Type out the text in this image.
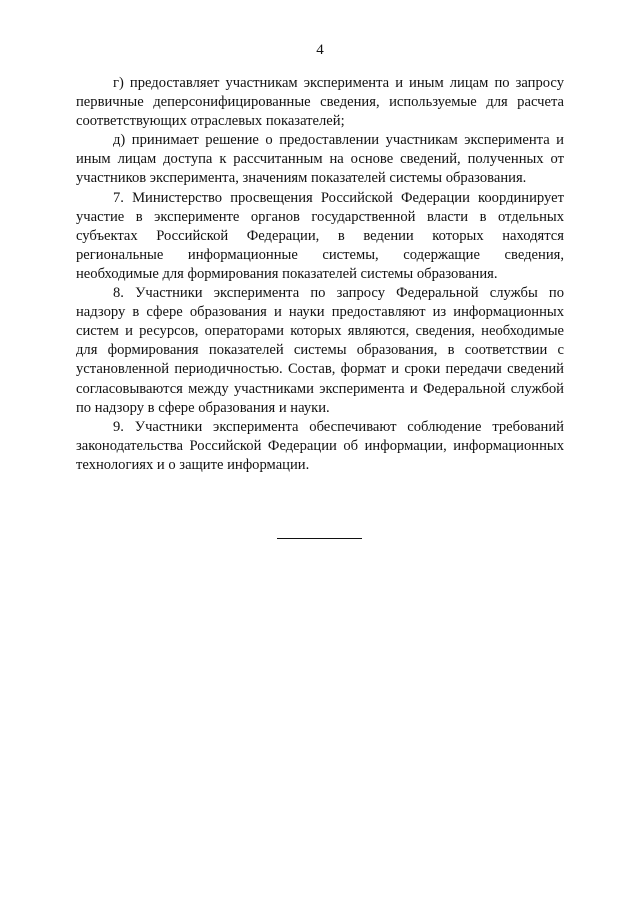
4

г) предоставляет участникам эксперимента и иным лицам по запросу первичные деперсонифицированные сведения, используемые для расчета соответствующих отраслевых показателей;

д) принимает решение о предоставлении участникам эксперимента и иным лицам доступа к рассчитанным на основе сведений, полученных от участников эксперимента, значениям показателей системы образования.

7. Министерство просвещения Российской Федерации координирует участие в эксперименте органов государственной власти в отдельных субъектах Российской Федерации, в ведении которых находятся региональные информационные системы, содержащие сведения, необходимые для формирования показателей системы образования.

8. Участники эксперимента по запросу Федеральной службы по надзору в сфере образования и науки предоставляют из информационных систем и ресурсов, операторами которых являются, сведения, необходимые для формирования показателей системы образования, в соответствии с установленной периодичностью. Состав, формат и сроки передачи сведений согласовываются между участниками эксперимента и Федеральной службой по надзору в сфере образования и науки.

9. Участники эксперимента обеспечивают соблюдение требований законодательства Российской Федерации об информации, информационных технологиях и о защите информации.
